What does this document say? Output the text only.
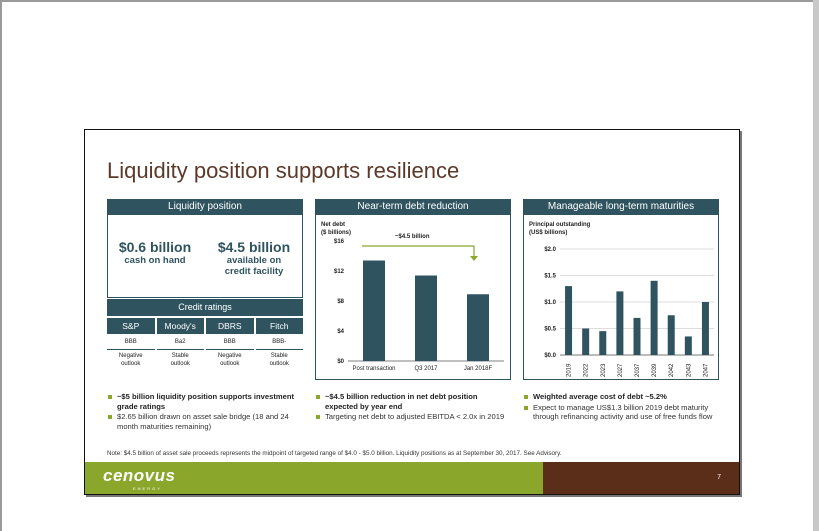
Liquidity position supports resilience
Liquidity position
$0.6 billion
cash on hand
$4.5 billion
available on
credit facility
Credit ratings
S&P	Moody's	DBRS	Fitch
BBB	Ba2	BBB	BBB-
Negative
outlook
Stable
outlook
Negative
outlook
Stable
outlook
Near-term debt reduction
Net debt
($ billions)
$0
$4
$8
$12
$16
Post transaction	Q3 2017	Jan 2018F
~$4.5 billion
Manageable long-term maturities
Principal outstanding
(US$ billions)
$0.0
$0.5
$1.0
$1.5
$2.0
2019 2022 2023 2027 2037 2039 2042 2043 2047
~$5 billion liquidity position supports investment grade ratings
$2.65 billion drawn on asset sale bridge (18 and 24 month maturities remaining)
~$4.5 billion reduction in net debt position expected by year end
Targeting net debt to adjusted EBITDA < 2.0x in 2019
Weighted average cost of debt ~5.2%
Expect to manage US$1.3 billion 2019 debt maturity through refinancing activity and use of free funds flow
Note: $4.5 billion of asset sale proceeds represents the midpoint of targeted range of $4.0 - $5.0 billion. Liquidity positions as at September 30, 2017. See Advisory.
cenovus
ENERGY
7
